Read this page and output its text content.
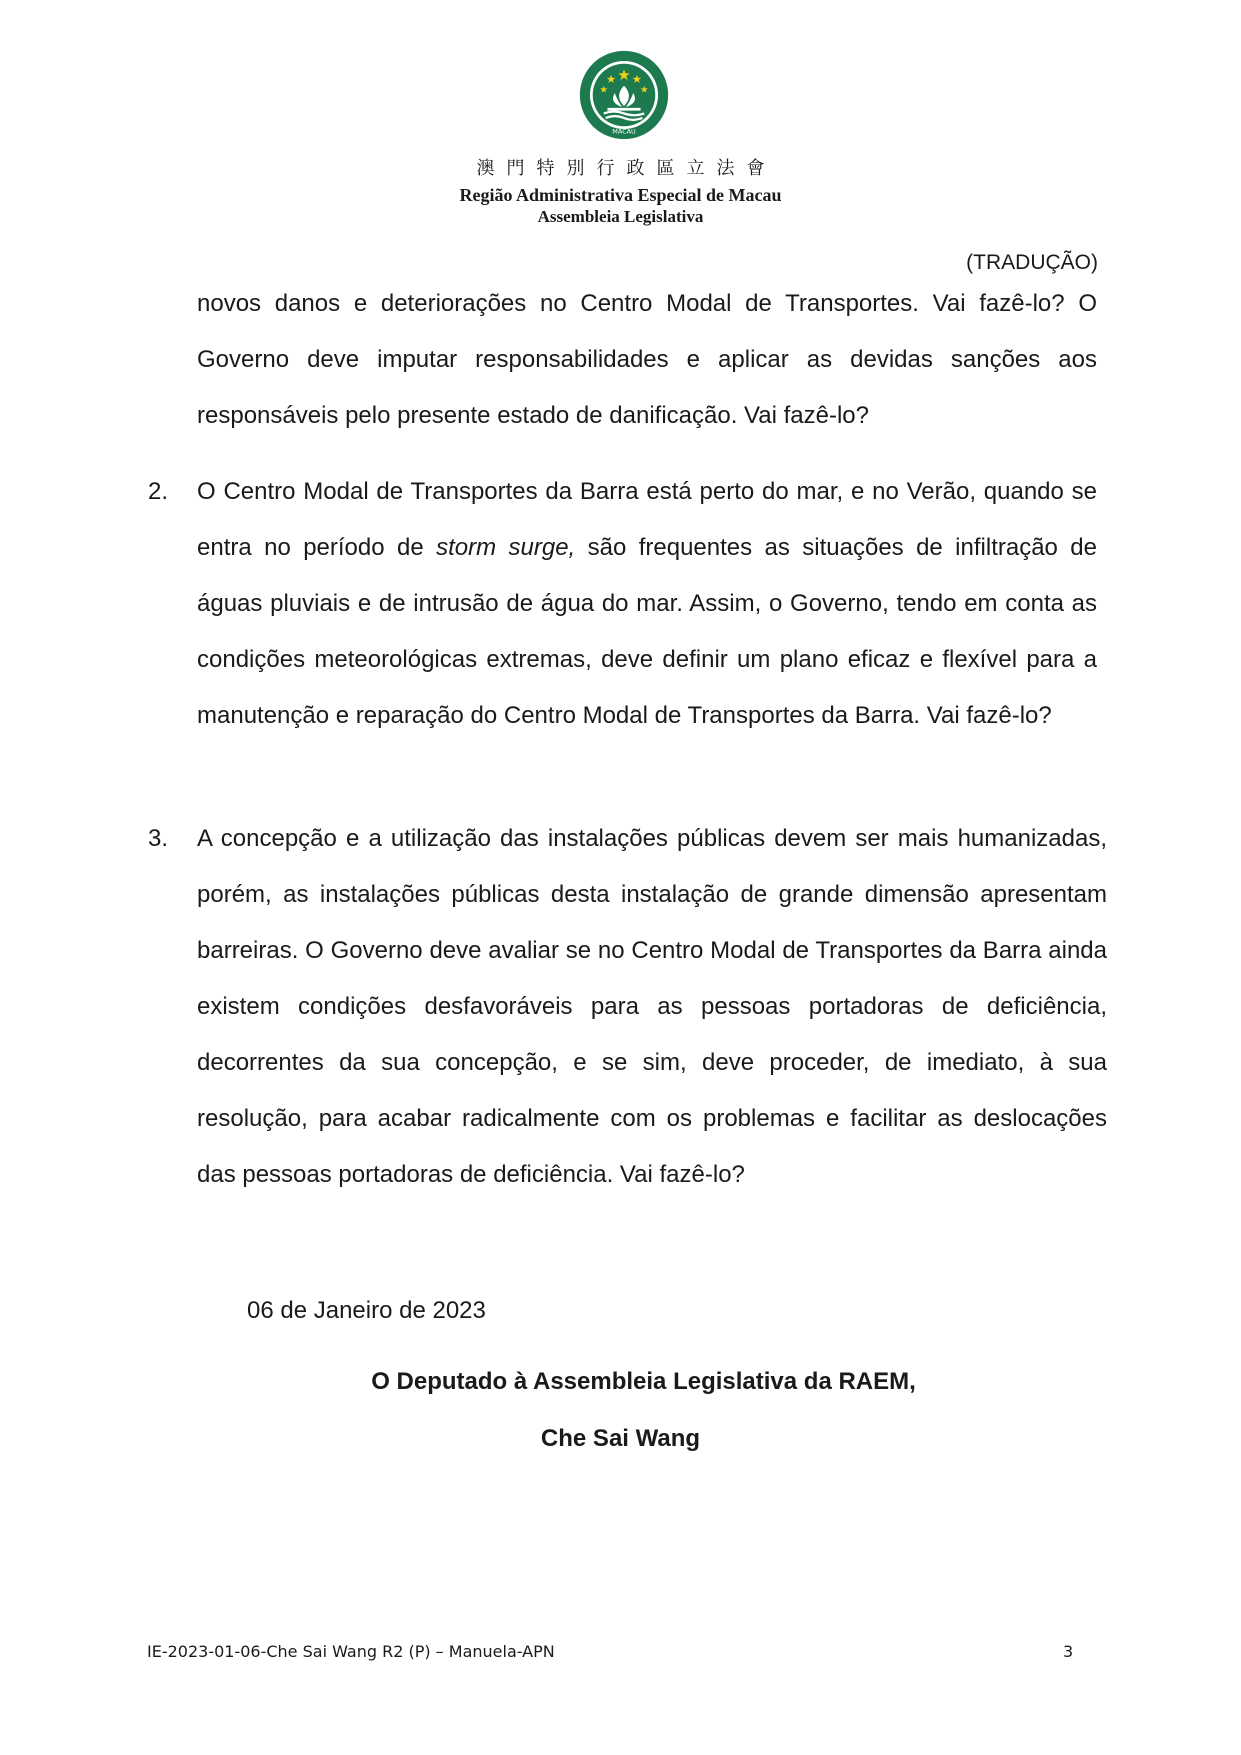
MACAU
澳門特別行政區立法會
Região Administrativa Especial de Macau
Assembleia Legislativa
(TRADUÇÃO)
novos danos e deteriorações no Centro Modal de Transportes. Vai fazê-lo? O Governo deve imputar responsabilidades e aplicar as devidas sanções aos responsáveis pelo presente estado de danificação. Vai fazê-lo?
2.	O Centro Modal de Transportes da Barra está perto do mar, e no Verão, quando se entra no período de storm surge, são frequentes as situações de infiltração de águas pluviais e de intrusão de água do mar. Assim, o Governo, tendo em conta as condições meteorológicas extremas, deve definir um plano eficaz e flexível para a manutenção e reparação do Centro Modal de Transportes da Barra. Vai fazê-lo?
3.	A concepção e a utilização das instalações públicas devem ser mais humanizadas, porém, as instalações públicas desta instalação de grande dimensão apresentam barreiras. O Governo deve avaliar se no Centro Modal de Transportes da Barra ainda existem condições desfavoráveis para as pessoas portadoras de deficiência, decorrentes da sua concepção, e se sim, deve proceder, de imediato, à sua resolução, para acabar radicalmente com os problemas e facilitar as deslocações das pessoas portadoras de deficiência. Vai fazê-lo?
06 de Janeiro de 2023
O Deputado à Assembleia Legislativa da RAEM,
Che Sai Wang
IE-2023-01-06-Che Sai Wang R2 (P) – Manuela-APN	3
